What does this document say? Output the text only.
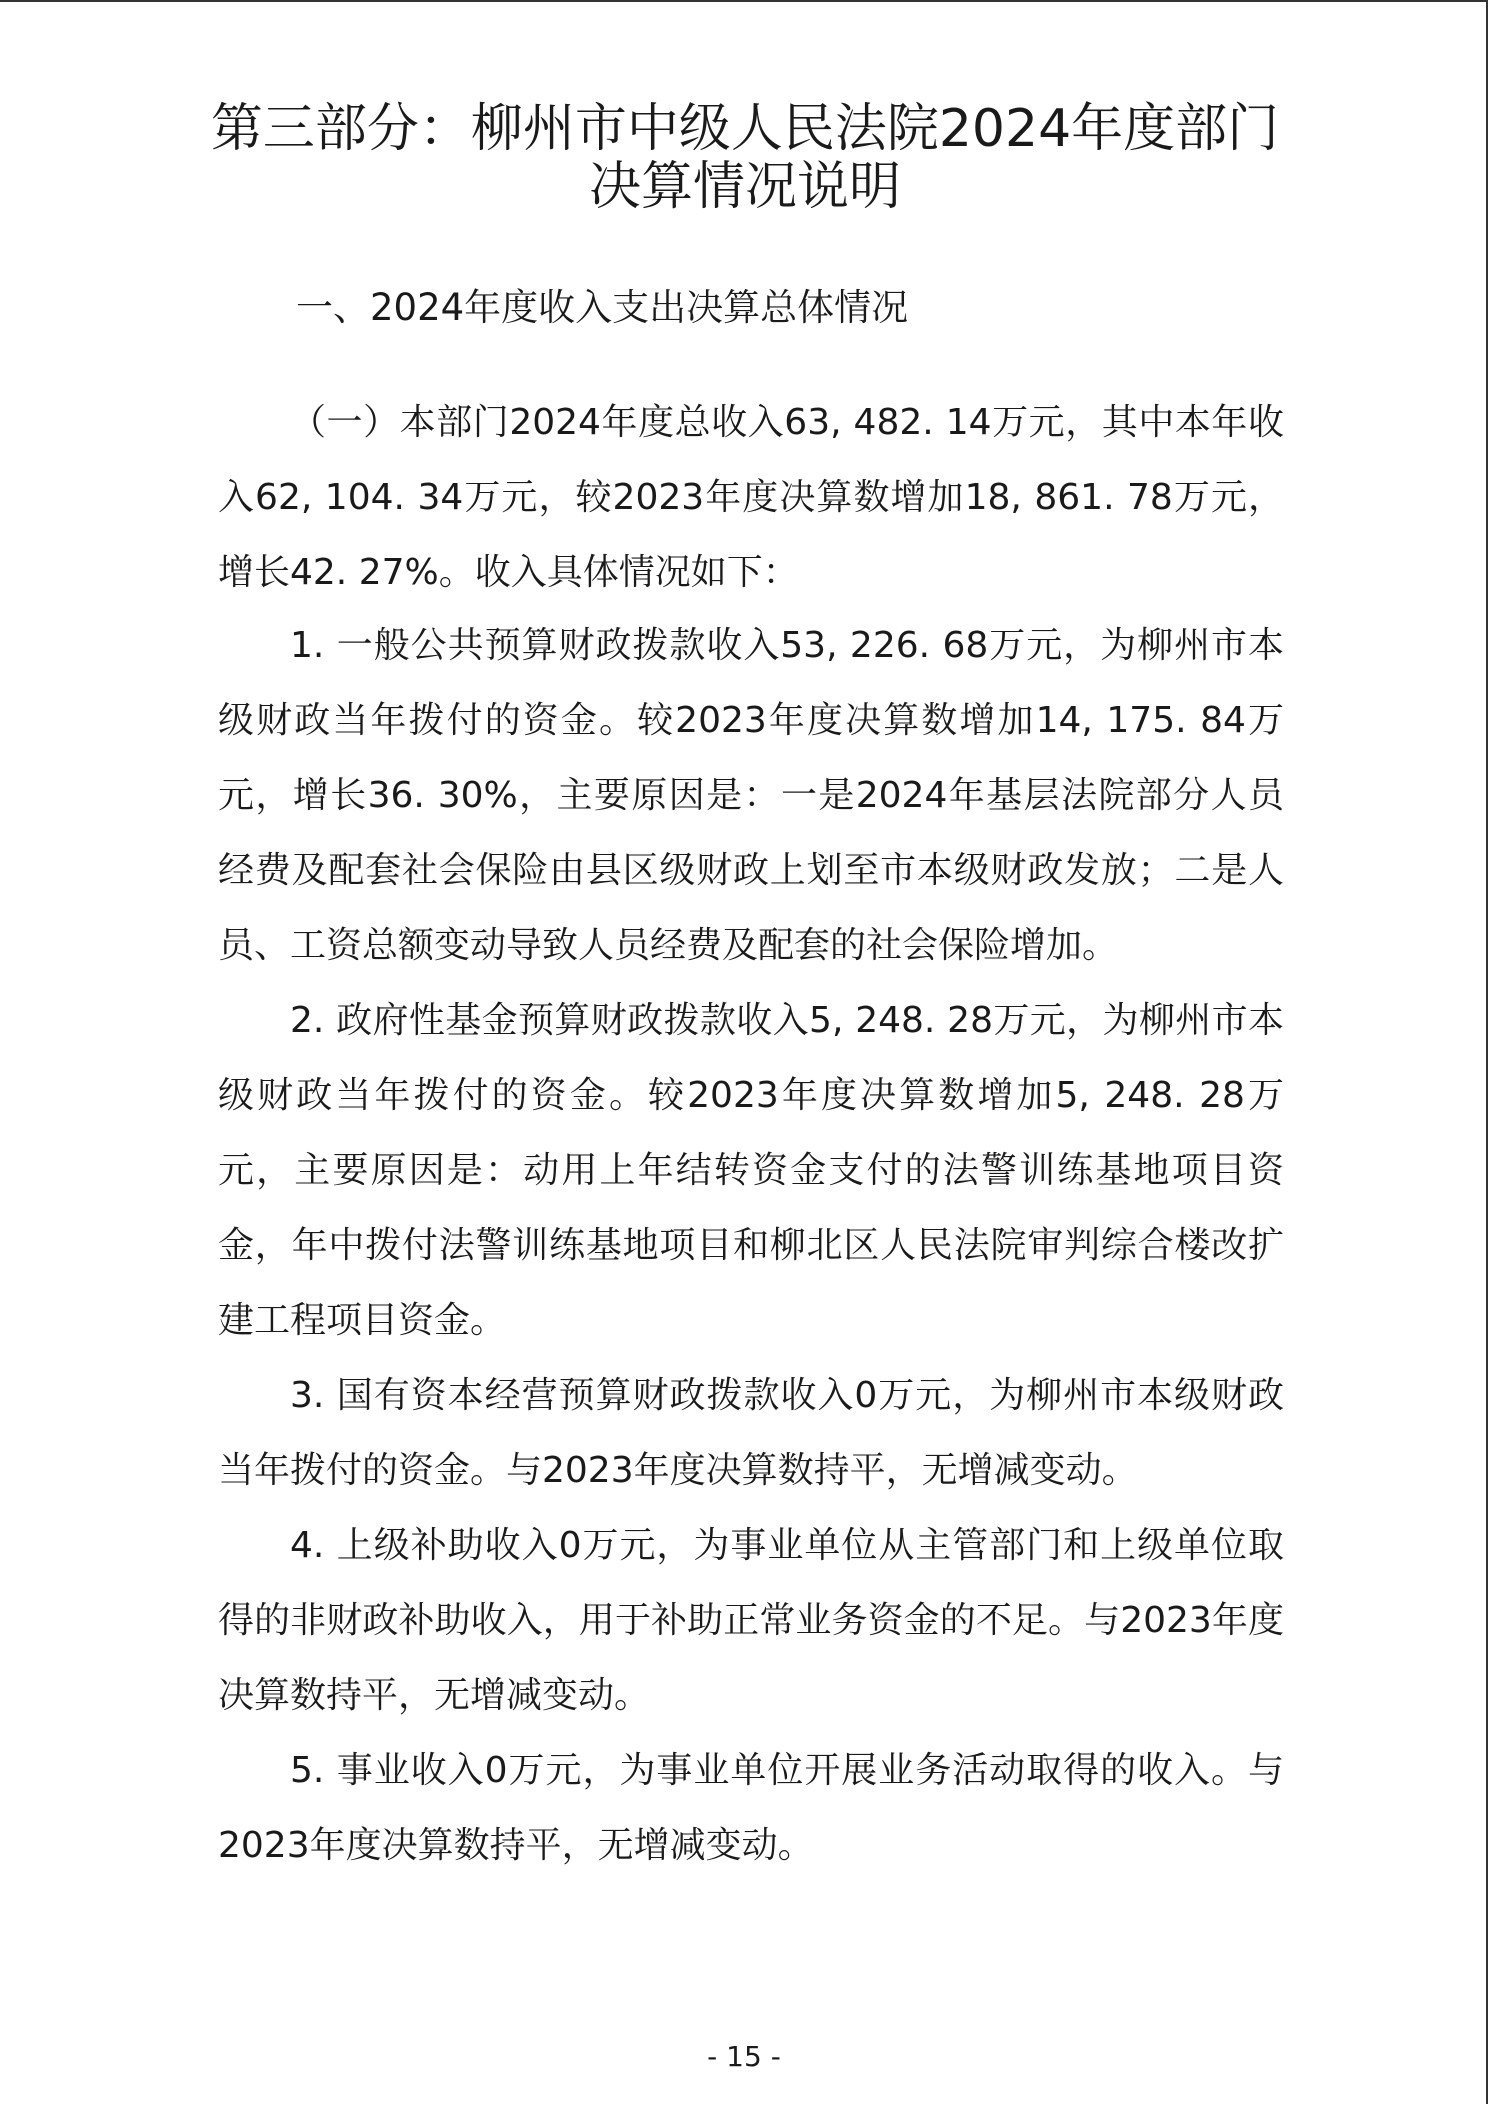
第三部分：柳州市中级人民法院2024年度部门决算情况说明
一、2024年度收入支出决算总体情况

（一）本部门2024年度总收入63, 482. 14万元，其中本年收入62, 104. 34万元，较2023年度决算数增加18, 861. 78万元，增长42. 27%。收入具体情况如下：

1. 一般公共预算财政拨款收入53, 226. 68万元，为柳州市本级财政当年拨付的资金。较2023年度决算数增加14, 175. 84万元，增长36. 30%，主要原因是：一是2024年基层法院部分人员经费及配套社会保险由县区级财政上划至市本级财政发放；二是人员、工资总额变动导致人员经费及配套的社会保险增加。

2. 政府性基金预算财政拨款收入5, 248. 28万元，为柳州市本级财政当年拨付的资金。较2023年度决算数增加5, 248. 28万元，主要原因是：动用上年结转资金支付的法警训练基地项目资金，年中拨付法警训练基地项目和柳北区人民法院审判综合楼改扩建工程项目资金。

3. 国有资本经营预算财政拨款收入0万元，为柳州市本级财政当年拨付的资金。与2023年度决算数持平，无增减变动。

4. 上级补助收入0万元，为事业单位从主管部门和上级单位取得的非财政补助收入，用于补助正常业务资金的不足。与2023年度决算数持平，无增减变动。

5. 事业收入0万元，为事业单位开展业务活动取得的收入。与2023年度决算数持平，无增减变动。

- 15 -
